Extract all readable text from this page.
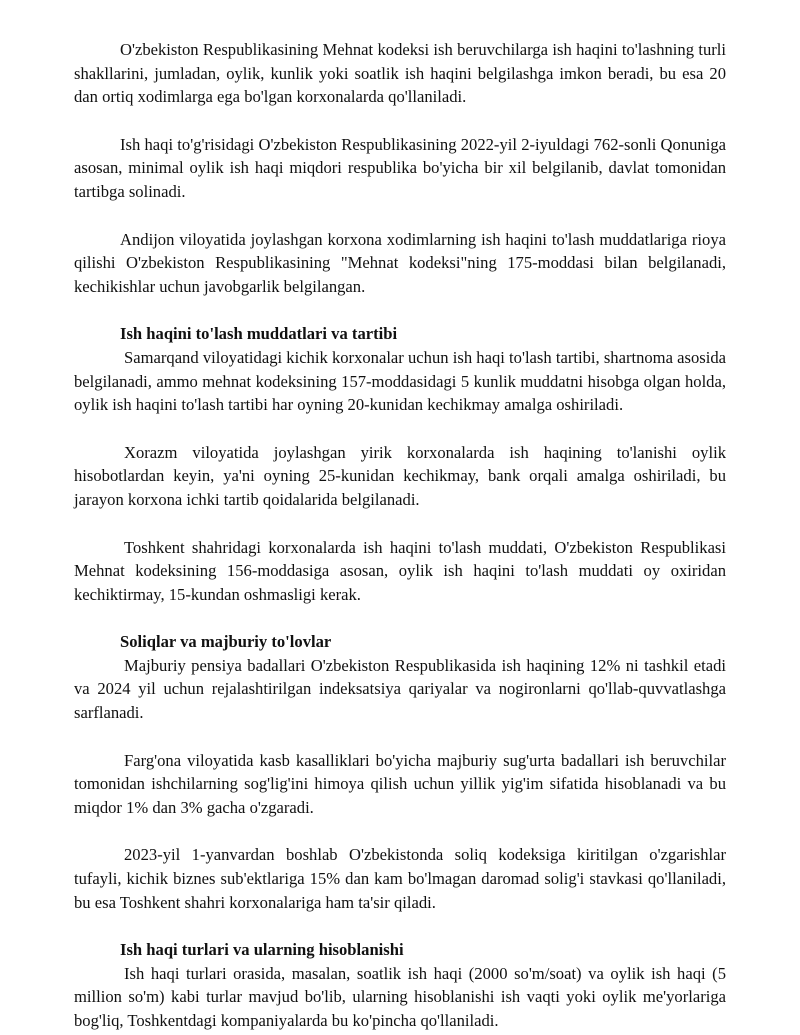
O'zbekiston Respublikasining Mehnat kodeksi ish beruvchilarga ish haqini to'lashning turli shakllarini, jumladan, oylik, kunlik yoki soatlik ish haqini belgilashga imkon beradi, bu esa 20 dan ortiq xodimlarga ega bo'lgan korxonalarda qo'llaniladi.

Ish haqi to'g'risidagi O'zbekiston Respublikasining 2022-yil 2-iyuldagi 762-sonli Qonuniga asosan, minimal oylik ish haqi miqdori respublika bo'yicha bir xil belgilanib, davlat tomonidan tartibga solinadi.

Andijon viloyatida joylashgan korxona xodimlarning ish haqini to'lash muddatlariga rioya qilishi O'zbekiston Respublikasining "Mehnat kodeksi"ning 175-moddasi bilan belgilanadi, kechikishlar uchun javobgarlik belgilangan.

Ish haqini to'lash muddatlari va tartibi

Samarqand viloyatidagi kichik korxonalar uchun ish haqi to'lash tartibi, shartnoma asosida belgilanadi, ammo mehnat kodeksining 157-moddasidagi 5 kunlik muddatni hisobga olgan holda, oylik ish haqini to'lash tartibi har oyning 20-kunidan kechikmay amalga oshiriladi.

Xorazm viloyatida joylashgan yirik korxonalarda ish haqining to'lanishi oylik hisobotlardan keyin, ya'ni oyning 25-kunidan kechikmay, bank orqali amalga oshiriladi, bu jarayon korxona ichki tartib qoidalarida belgilanadi.

Toshkent shahridagi korxonalarda ish haqini to'lash muddati, O'zbekiston Respublikasi Mehnat kodeksining 156-moddasiga asosan, oylik ish haqini to'lash muddati oy oxiridan kechiktirmay, 15-kundan oshmasligi kerak.

Soliqlar va majburiy to'lovlar

Majburiy pensiya badallari O'zbekiston Respublikasida ish haqining 12% ni tashkil etadi va 2024 yil uchun rejalashtirilgan indeksatsiya qariyalar va nogironlarni qo'llab-quvvatlashga sarflanadi.

Farg'ona viloyatida kasb kasalliklari bo'yicha majburiy sug'urta badallari ish beruvchilar tomonidan ishchilarning sog'lig'ini himoya qilish uchun yillik yig'im sifatida hisoblanadi va bu miqdor 1% dan 3% gacha o'zgaradi.

2023-yil 1-yanvardan boshlab O'zbekistonda soliq kodeksiga kiritilgan o'zgarishlar tufayli, kichik biznes sub'ektlariga 15% dan kam bo'lmagan daromad solig'i stavkasi qo'llaniladi, bu esa Toshkent shahri korxonalariga ham ta'sir qiladi.

Ish haqi turlari va ularning hisoblanishi

Ish haqi turlari orasida, masalan, soatlik ish haqi (2000 so'm/soat) va oylik ish haqi (5 million so'm) kabi turlar mavjud bo'lib, ularning hisoblanishi ish vaqti yoki oylik me'yorlariga bog'liq, Toshkentdagi kompaniyalarda bu ko'pincha qo'llaniladi.
